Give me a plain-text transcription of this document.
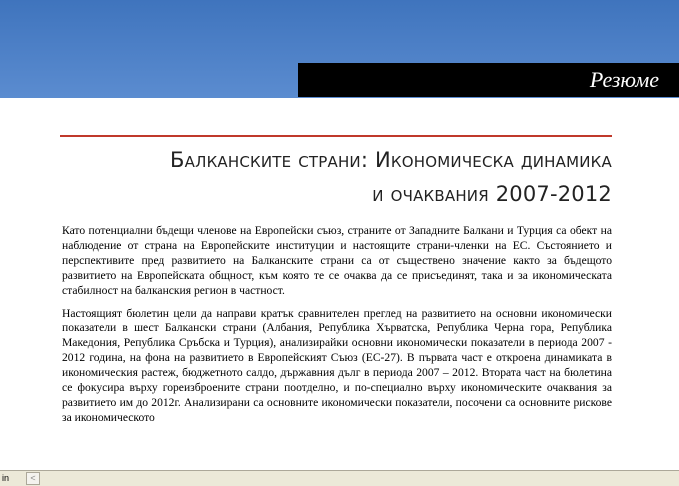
Резюме
Балканските страни: Икономическа динамика
и очаквания 2007-2012

Като потенциални бъдещи членове на Европейски съюз, страните от Западните Балкани и Турция са обект на наблюдение от страна на Европейските институции и настоящите страни-членки на ЕС. Състоянието и перспективите пред развитието на Балканските страни са от съществено значение както за бъдещото развитието на Европейската общност, към която те се очаква да се присъединят, така и за икономическата стабилност на балканския регион в частност.

Настоящият бюлетин цели да направи кратък сравнителен преглед на развитието на основни икономически показатели в шест Балкански страни (Албания, Република Хърватска, Република Черна гора, Република Македония, Република Сръбска и Турция), анализирайки основни икономически показатели в периода 2007 - 2012 година, на фона на развитието в Европейският Съюз (ЕС-27). В първата част е откроена динамиката в икономическия растеж, бюджетното салдо, държавния дълг в периода 2007 – 2012. Втората част на бюлетина се фокусира върху гореизброените страни поотделно, и по-специално върху икономическите очаквания за развитието им до 2012г. Анализирани са основните икономически показатели, посочени са основните рискове за икономическото

in	<
